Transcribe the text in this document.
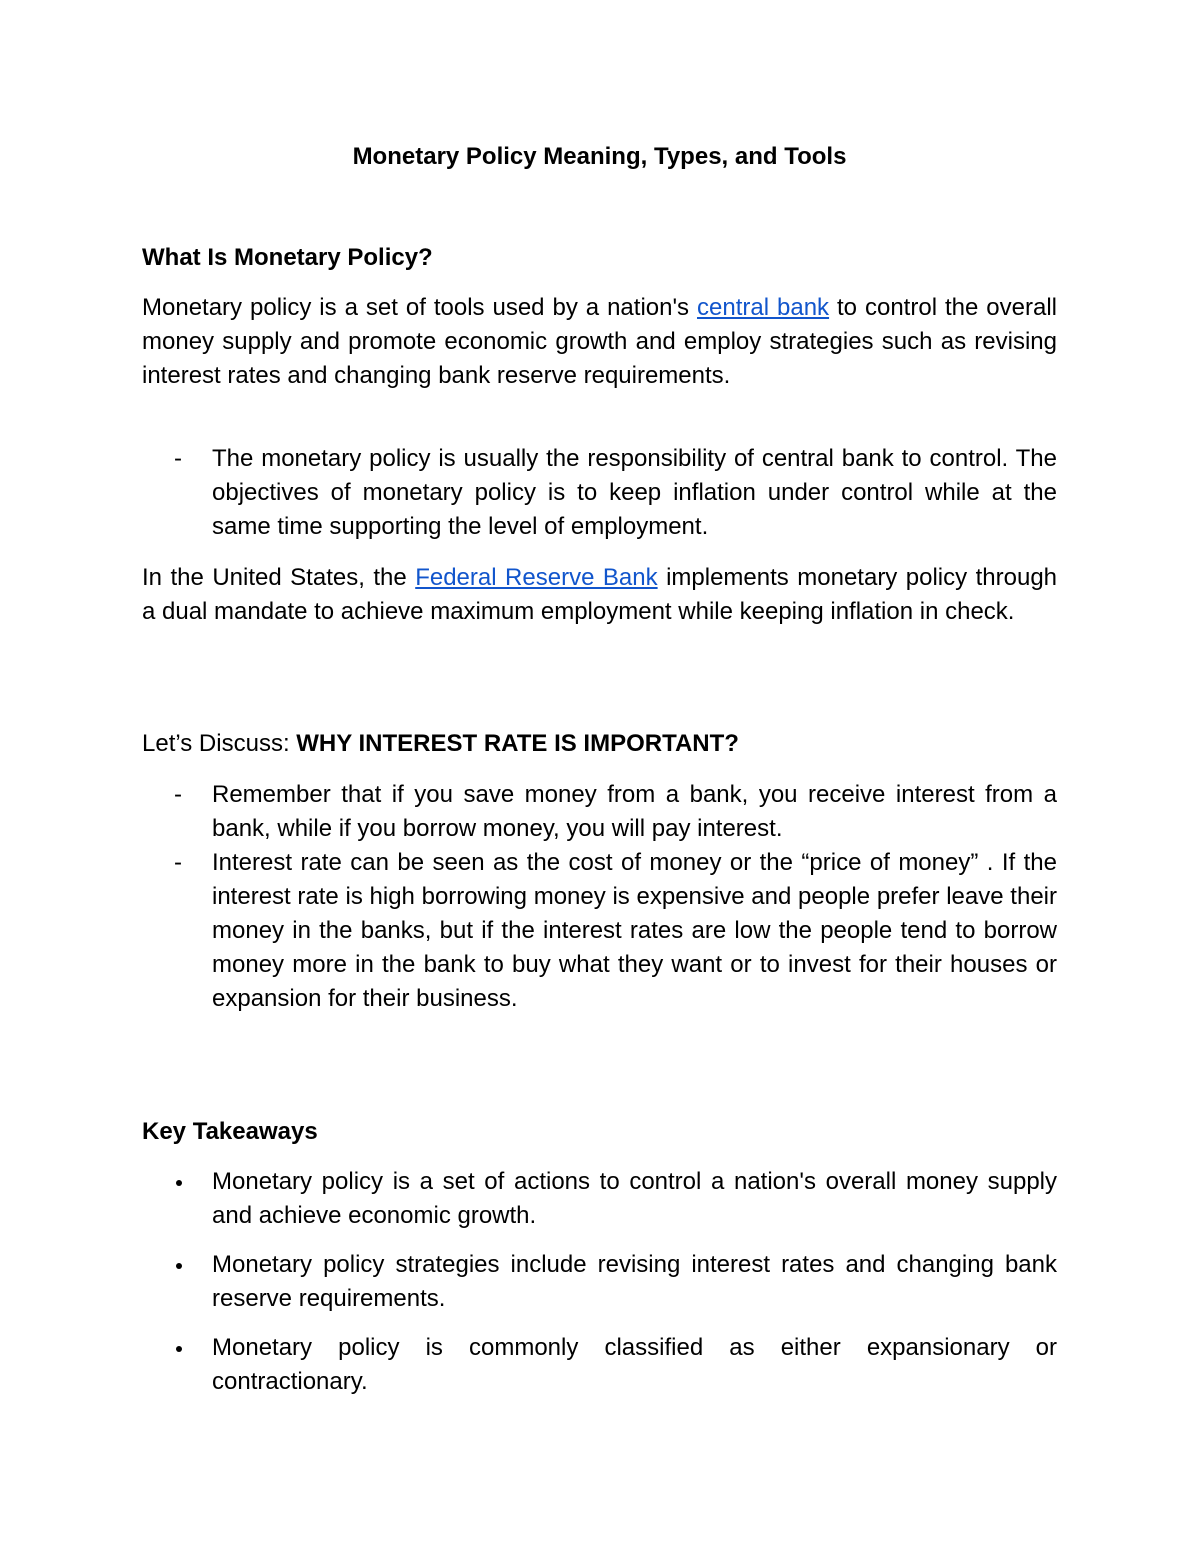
Monetary Policy Meaning, Types, and Tools
What Is Monetary Policy?

Monetary policy is a set of tools used by a nation's central bank to control the overall money supply and promote economic growth and employ strategies such as revising interest rates and changing bank reserve requirements.

-	The monetary policy is usually the responsibility of central bank to control. The objectives of monetary policy is to keep inflation under control while at the same time supporting the level of employment.

In the United States, the Federal Reserve Bank implements monetary policy through a dual mandate to achieve maximum employment while keeping inflation in check.

Let’s Discuss: WHY INTEREST RATE IS IMPORTANT?

-	Remember that if you save money from a bank, you receive interest from a bank, while if you borrow money, you will pay interest.
-	Interest rate can be seen as the cost of money or the “price of money” . If the interest rate is high borrowing money is expensive and people prefer leave their money in the banks, but if the interest rates are low the people tend to borrow money more in the bank to buy what they want or to invest for their houses or expansion for their business.
Key Takeaways
Monetary policy is a set of actions to control a nation's overall money supply and achieve economic growth.
Monetary policy strategies include revising interest rates and changing bank reserve requirements.
Monetary policy is commonly classified as either expansionary or contractionary.
